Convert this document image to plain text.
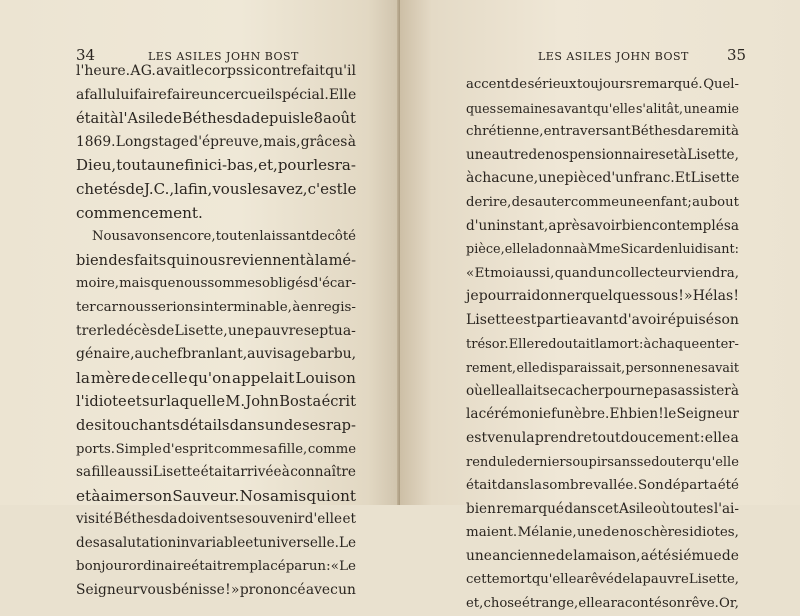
34	LES ASILES JOHN BOST
l'heure. A G. avait le corps si contrefait qu'il
a fallu lui faire faire un cercueil spécial. Elle
était à l'Asile de Béthesda depuis le 8 août
1869. Long stage d'épreuve, mais, grâces à
Dieu, tout a une fin ici-bas, et, pour les ra-
chetés de J. C., la fin, vous le savez, c'est le
commencement.
Nous avons encore, tout en laissant de côté
bien des faits qui nous reviennent à la mé-
moire, mais que nous sommes obligés d'écar-
ter car nous serions interminable, à enregis-
trer le décès de Lisette, une pauvre septua-
génaire, au chef branlant, au visage barbu,
la mère de celle qu'on appelait Louison
l'idiote et sur laquelle M. John Bost a écrit
de si touchants détails dans un de ses rap-
ports. Simple d'esprit comme sa fille, comme
sa fille aussi Lisette était arrivée à connaître
et à aimer son Sauveur. Nos amis qui ont
visité Béthesda doivent se souvenir d'elle et
de sa salutation invariable et universelle. Le
bonjour ordinaire était remplacé par un : « Le
Seigneur vous bénisse ! » prononcé avec un
LES ASILES JOHN BOST	35
accent de sérieux toujours remarqué. Quel-
ques semaines avant qu'elle s'alitât, une amie
chrétienne, en traversant Béthesda remit à
une autre de nos pensionnaires et à Lisette,
à chacune, une pièce d'un franc. Et Lisette
de rire, de sauter comme une enfant ; au bout
d'un instant, après avoir bien contemplé sa
pièce, elle la donna à Mme Sicard en lui disant :
« Et moi aussi, quand un collecteur viendra,
je pourrai donner quelques sous ! » Hélas !
Lisette est partie avant d'avoir épuisé son
trésor. Elle redoutait la mort : à chaque enter-
rement, elle disparaissait, personne ne savait
où elle allait se cacher pour ne pas assister à
la cérémonie funèbre. Eh bien ! le Seigneur
est venu la prendre tout doucement : elle a
rendu le dernier soupir sans se douter qu'elle
était dans la sombre vallée. Son départ a été
bien remarqué dans cet Asile où toutes l'ai-
maient. Mélanie, une de nos chères idiotes,
une ancienne de la maison, a été si émue de
cette mort qu'elle a rêvé de la pauvre Lisette,
et, chose étrange, elle a raconté son rêve. Or,
